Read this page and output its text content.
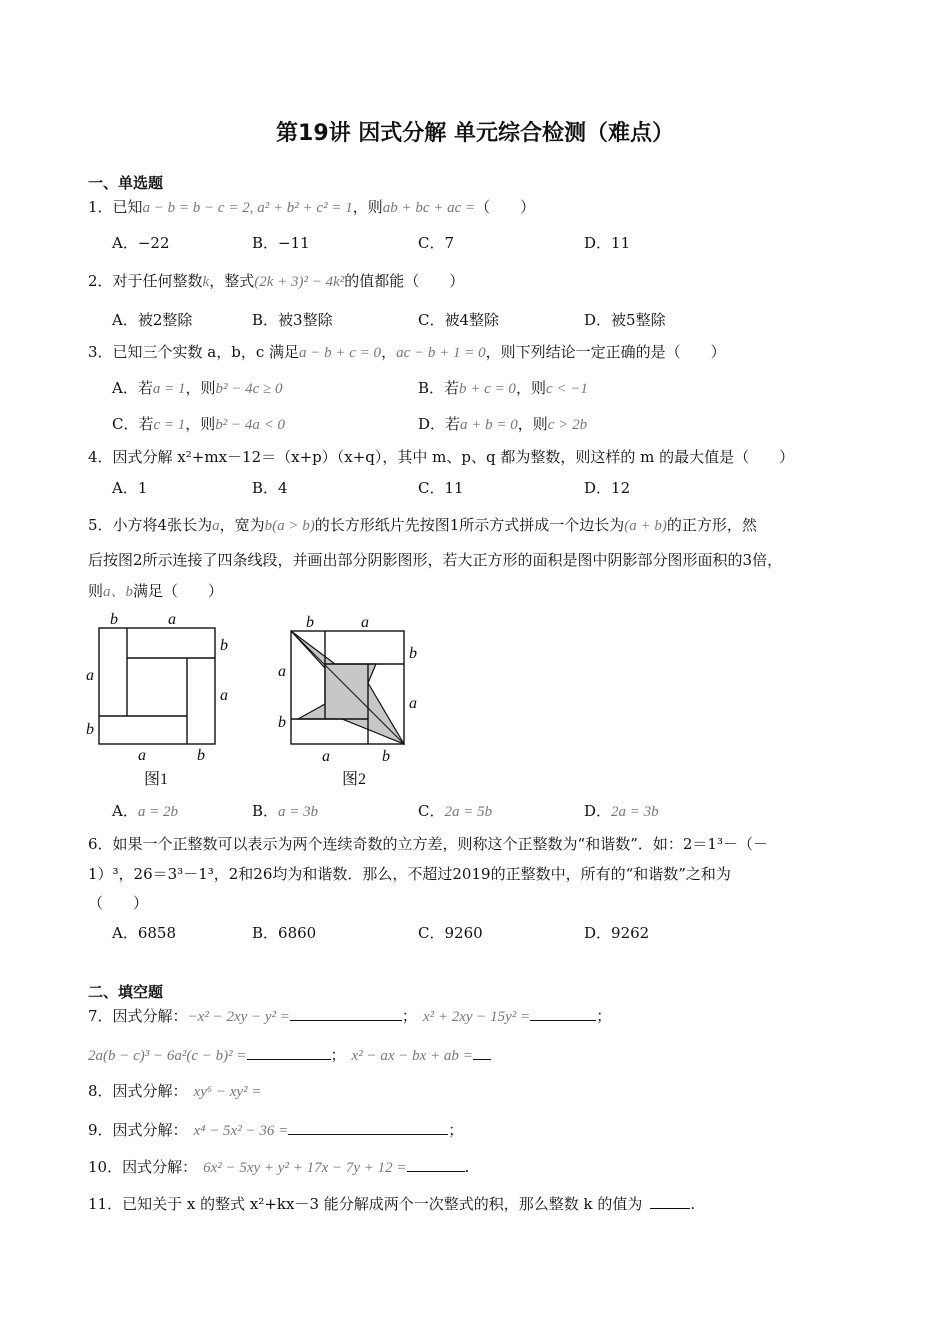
第19讲 因式分解 单元综合检测（难点）
一、单选题
1．已知a − b = b − c = 2, a² + b² + c² = 1，则ab + bc + ac =（　　）
A．−22	B．−11	C．7	D．11
2．对于任何整数k，整式(2k + 3)² − 4k²的值都能（　　）
A．被2整除	B．被3整除	C．被4整除	D．被5整除
3．已知三个实数 a，b，c 满足a − b + c = 0，ac − b + 1 = 0，则下列结论一定正确的是（　　）
A．若a = 1，则b² − 4c ≥ 0	B．若b + c = 0，则c < −1
C．若c = 1，则b² − 4a < 0	D．若a + b = 0，则c > 2b
4．因式分解 x²+mx－12＝（x+p）（x+q），其中 m、p、q 都为整数，则这样的 m 的最大值是（　　）
A．1	B．4	C．11	D．12
5．小方将4张长为a，宽为b(a > b)的长方形纸片先按图1所示方式拼成一个边长为(a + b)的正方形，然
后按图2所示连接了四条线段，并画出部分阴影图形，若大正方形的面积是图中阴影部分图形面积的3倍，
则a、b满足（　　）
b	a
b
a
a
b
a	b
图1
b	a
b
a
a
b
a	b
图2
A．a = 2b	B．a = 3b	C．2a = 5b	D．2a = 3b
6．如果一个正整数可以表示为两个连续奇数的立方差，则称这个正整数为“和谐数”．如：2＝1³－（－
1）³，26＝3³－1³，2和26均为和谐数．那么，不超过2019的正整数中，所有的“和谐数”之和为
（　　）
A．6858	B．6860	C．9260	D．9262
二、填空题
7．因式分解：−x² − 2xy − y² =	； x² + 2xy − 15y² =	；
2a(b − c)³ − 6a²(c − b)² =	； x² − ax − bx + ab =
8．因式分解： xy⁶ − xy² =
9．因式分解： x⁴ − 5x² − 36 =	；
10．因式分解： 6x² − 5xy + y² + 17x − 7y + 12 =	.
11．已知关于 x 的整式 x²+kx－3 能分解成两个一次整式的积，那么整数 k 的值为	.
